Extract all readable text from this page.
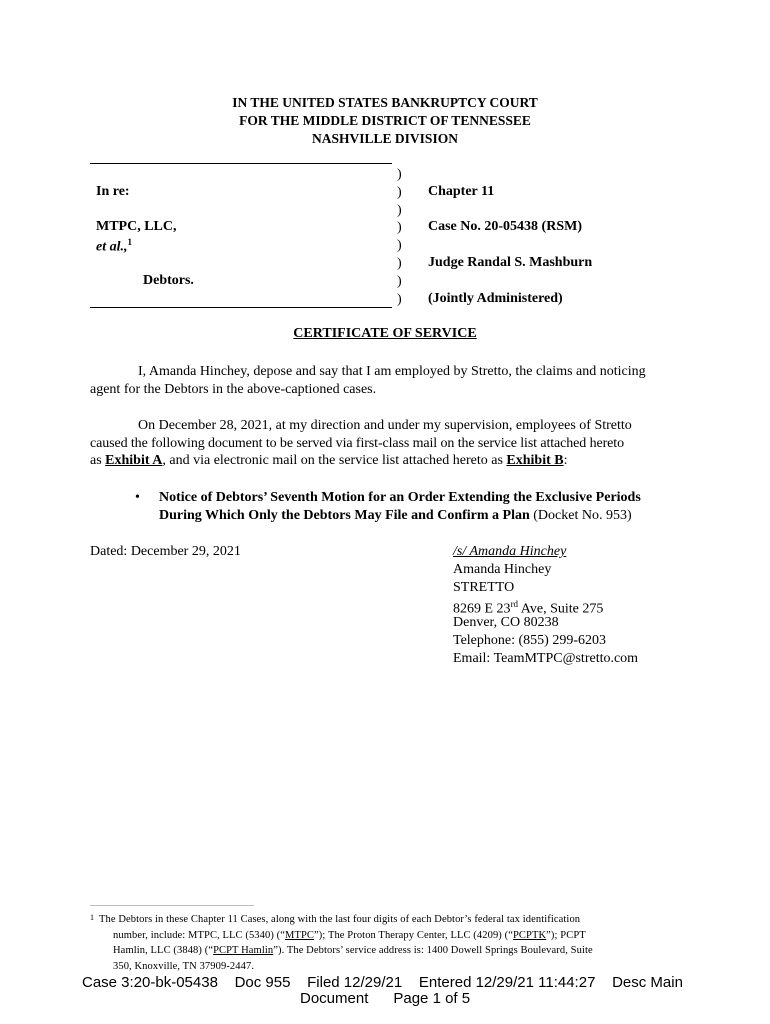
IN THE UNITED STATES BANKRUPTCY COURT
FOR THE MIDDLE DISTRICT OF TENNESSEE
NASHVILLE DIVISION
)
)
)
)
)
)
)
)
In re:
MTPC, LLC,
et al.,$^1$
Debtors.
Chapter 11
Case No. 20-05438 (RSM)
Judge Randal S. Mashburn
(Jointly Administered)
CERTIFICATE OF SERVICE
I, Amanda Hinchey, depose and say that I am employed by Stretto, the claims and noticing
agent for the Debtors in the above-captioned cases.
On December 28, 2021, at my direction and under my supervision, employees of Stretto
caused the following document to be served via first-class mail on the service list attached hereto
as Exhibit A, and via electronic mail on the service list attached hereto as Exhibit B:
• Notice of Debtors’ Seventh Motion for an Order Extending the Exclusive Periods
During Which Only the Debtors May File and Confirm a Plan (Docket No. 953)
Dated: December 29, 2021	/s/ Amanda Hinchey
Amanda Hinchey
STRETTO
8269 E 23rd Ave, Suite 275
Denver, CO 80238
Telephone: (855) 299-6203
Email: TeamMTPC@stretto.com
1 The Debtors in these Chapter 11 Cases, along with the last four digits of each Debtor’s federal tax identification
number, include: MTPC, LLC (5340) (“MTPC”); The Proton Therapy Center, LLC (4209) (“PCPTK”); PCPT
Hamlin, LLC (3848) (“PCPT Hamlin”). The Debtors’ service address is: 1400 Dowell Springs Boulevard, Suite
350, Knoxville, TN 37909-2447.
Case 3:20-bk-05438    Doc 955    Filed 12/29/21    Entered 12/29/21 11:44:27    Desc Main
Document      Page 1 of 5
